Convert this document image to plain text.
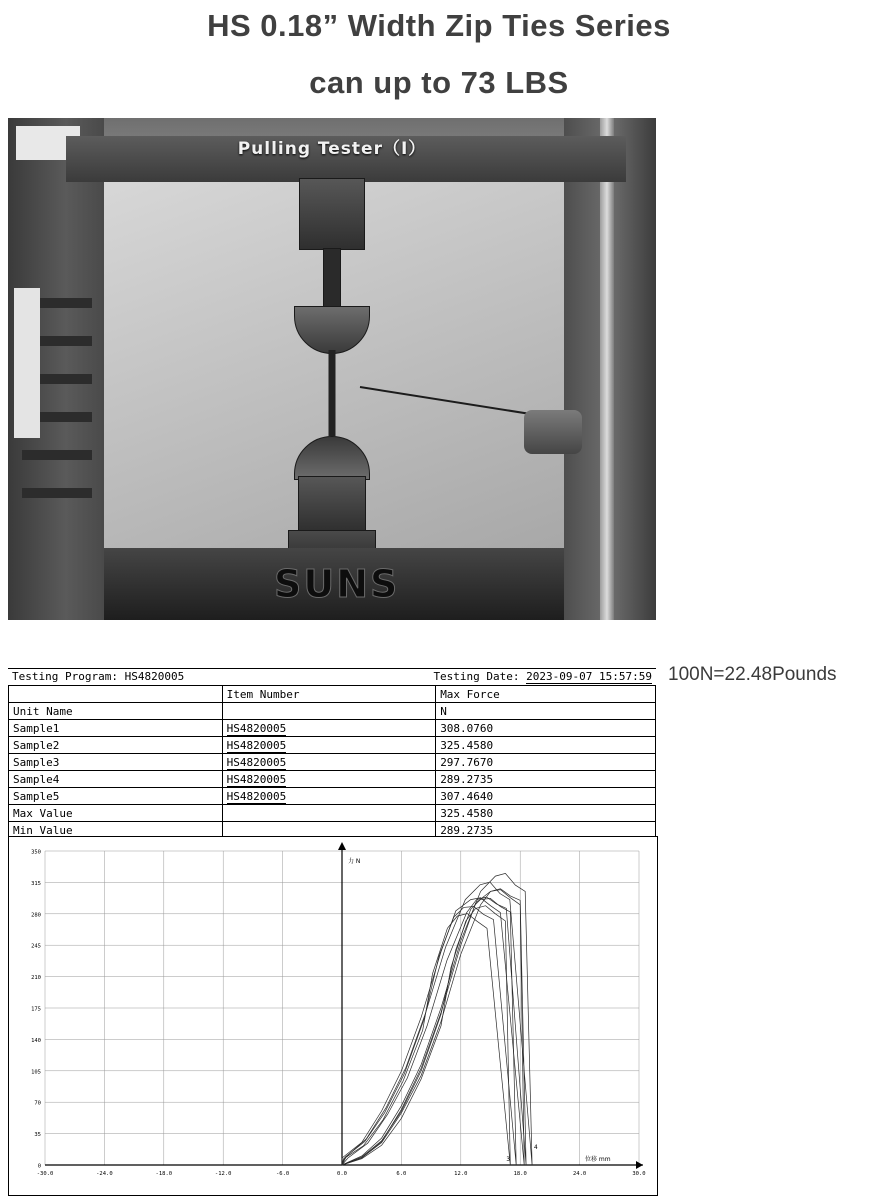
HS 0.18” Width Zip Ties Series
can up to 73 LBS
Pulling Tester（Ⅰ）
SUNS
Testing Program: HS4820005	Testing Date: 2023-09-07 15:57:59
	Item Number	Max Force
Unit Name		N
Sample1	HS4820005	308.0760
Sample2	HS4820005	325.4580
Sample3	HS4820005	297.7670
Sample4	HS4820005	289.2735
Sample5	HS4820005	307.4640
Max Value		325.4580
Min Value		289.2735
100N=22.48Pounds
0
35
70
105
140
175
210
245
280
315
350
-30.0	-24.0	-18.0	-12.0	-6.0	0.0	6.0	12.0	18.0	24.0	30.0
力 N
位移 mm
3
4
